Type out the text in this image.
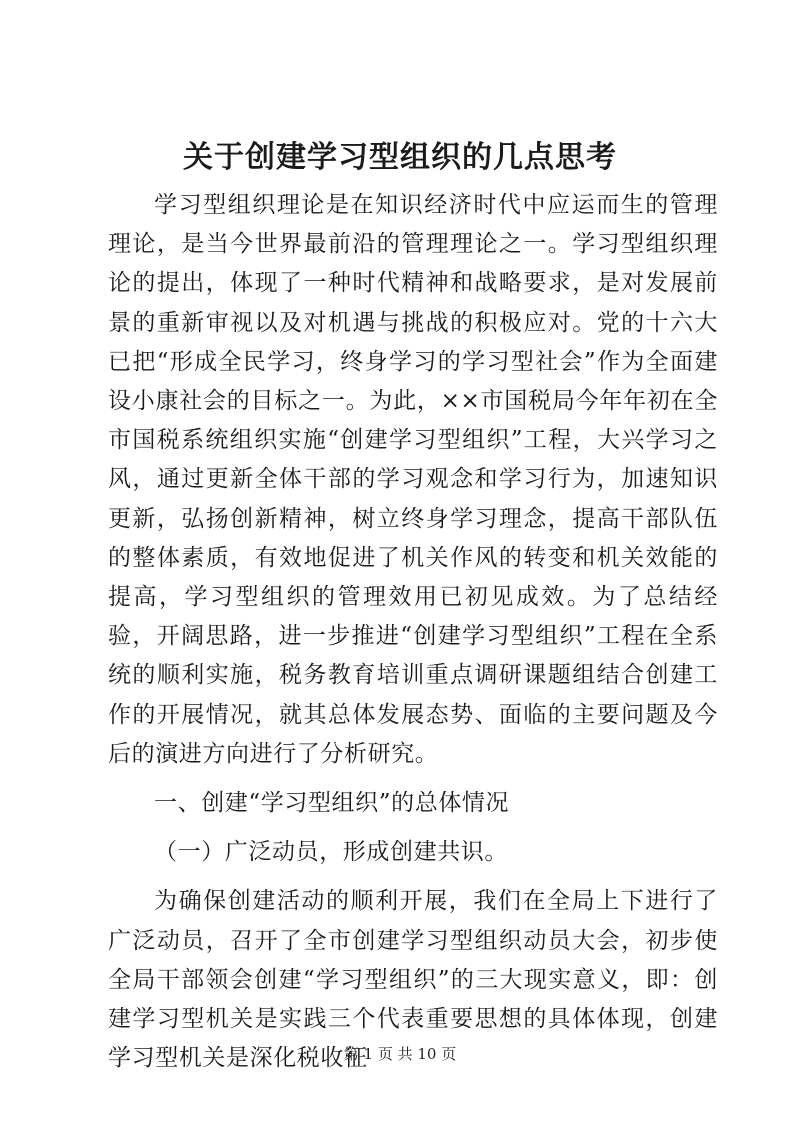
关于创建学习型组织的几点思考

学习型组织理论是在知识经济时代中应运而生的管理理论，是当今世界最前沿的管理理论之一。学习型组织理论的提出，体现了一种时代精神和战略要求，是对发展前景的重新审视以及对机遇与挑战的积极应对。党的十六大已把“形成全民学习，终身学习的学习型社会”作为全面建设小康社会的目标之一。为此，××市国税局今年年初在全市国税系统组织实施“创建学习型组织”工程，大兴学习之风，通过更新全体干部的学习观念和学习行为，加速知识更新，弘扬创新精神，树立终身学习理念，提高干部队伍的整体素质，有效地促进了机关作风的转变和机关效能的提高，学习型组织的管理效用已初见成效。为了总结经验，开阔思路，进一步推进“创建学习型组织”工程在全系统的顺利实施，税务教育培训重点调研课题组结合创建工作的开展情况，就其总体发展态势、面临的主要问题及今后的演进方向进行了分析研究。

一、创建“学习型组织”的总体情况

（一）广泛动员，形成创建共识。

为确保创建活动的顺利开展，我们在全局上下进行了广泛动员，召开了全市创建学习型组织动员大会，初步使全局干部领会创建“学习型组织”的三大现实意义，即：创建学习型机关是实践三个代表重要思想的具体体现，创建学习型机关是深化税收征

第 1 页 共 10 页
